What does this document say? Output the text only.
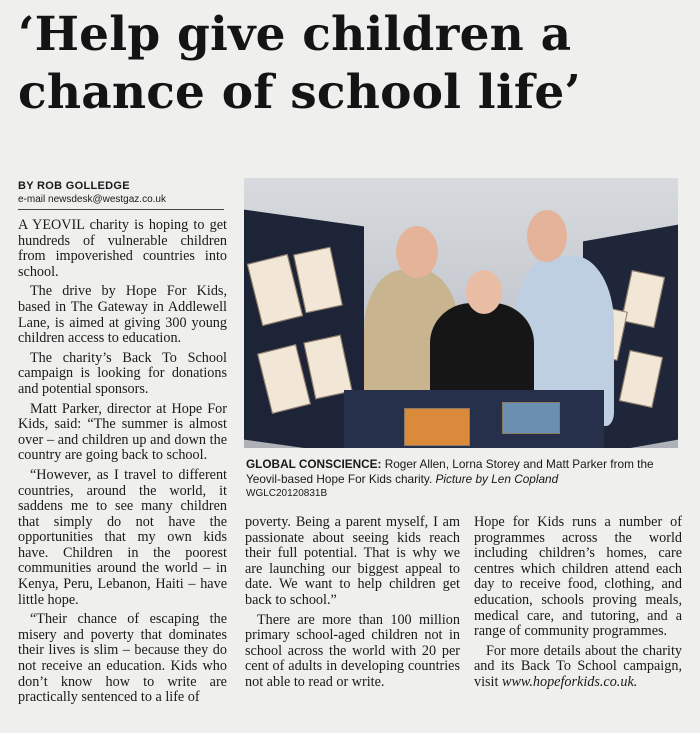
‘Help give children a
chance of school life’
BY ROB GOLLEDGE
e-mail newsdesk@westgaz.co.uk

A YEOVIL charity is hoping to get hundreds of vulnerable children from impoverished countries into school.

The drive by Hope For Kids, based in The Gateway in Addlewell Lane, is aimed at giving 300 young children access to education.

The charity’s Back To School campaign is looking for donations and potential sponsors.

Matt Parker, director at Hope For Kids, said: “The summer is almost over – and children up and down the country are going back to school.

“However, as I travel to different countries, around the world, it saddens me to see many children that simply do not have the opportunities that my own kids have. Children in the poorest communities around the world – in Kenya, Peru, Lebanon, Haiti – have little hope.

“Their chance of escaping the misery and poverty that dominates their lives is slim – because they do not receive an education. Kids who don’t know how to write are practically sentenced to a life of

GLOBAL CONSCIENCE: Roger Allen, Lorna Storey and Matt Parker from the Yeovil-based Hope For Kids charity. Picture by Len Copland
WGLC20120831B

poverty. Being a parent myself, I am passionate about seeing kids reach their full potential. That is why we are launching our biggest appeal to date. We want to help children get back to school.”

There are more than 100 million primary school-aged children not in school across the world with 20 per cent of adults in developing countries not able to read or write.

Hope for Kids runs a number of programmes across the world including children’s homes, care centres which children attend each day to receive food, clothing, and education, schools proving meals, medical care, and tutoring, and a range of community programmes.

For more details about the charity and its Back To School campaign, visit www.hopeforkids.co.uk.
